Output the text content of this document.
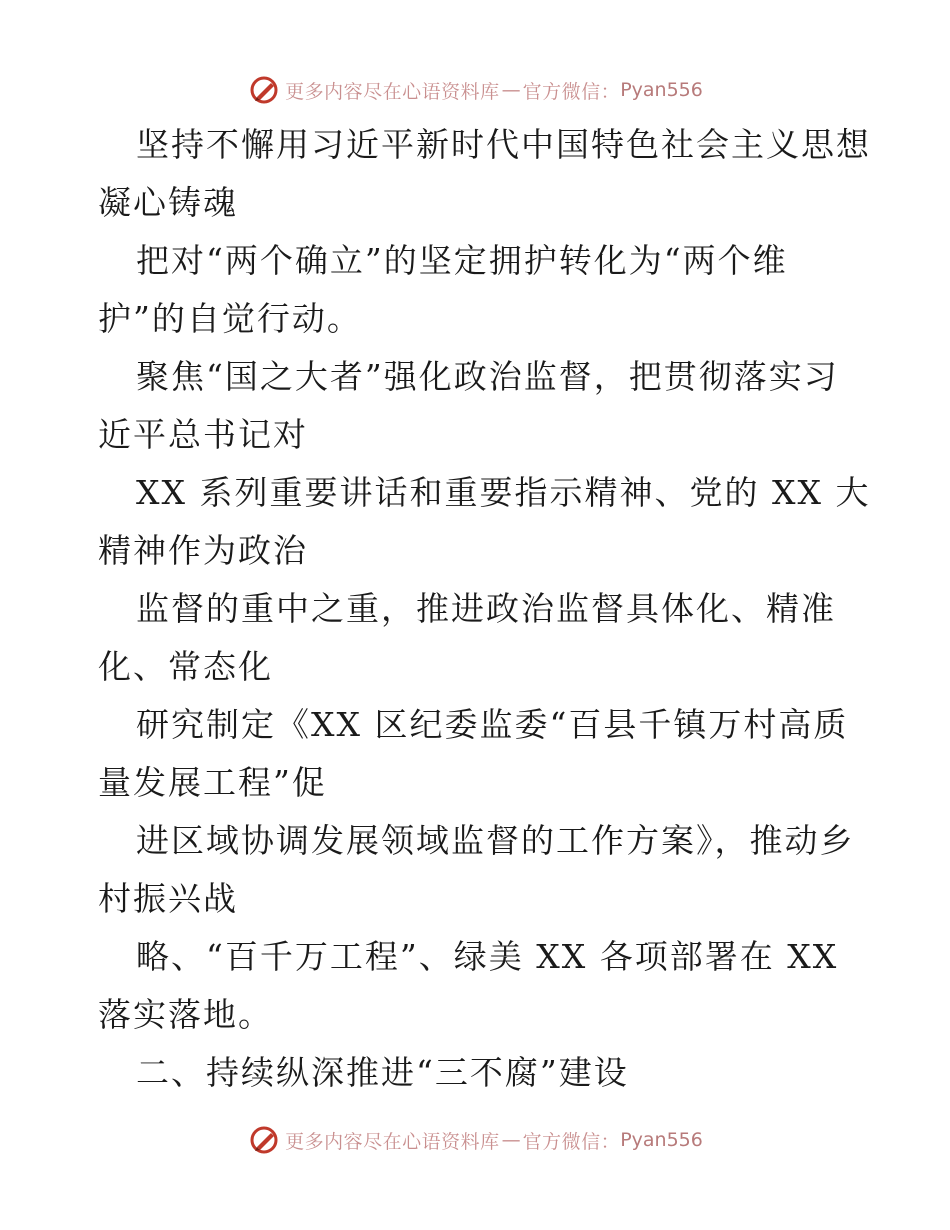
更多内容尽在心语资料库 — 官方微信： Pyan556
坚持不懈用习近平新时代中国特色社会主义思想
凝心铸魂
把对“两个确立”的坚定拥护转化为“两个维
护”的自觉行动。
聚焦“国之大者”强化政治监督，把贯彻落实习
近平总书记对
XX 系列重要讲话和重要指示精神、党的 XX 大
精神作为政治
监督的重中之重，推进政治监督具体化、精准
化、常态化
研究制定《XX 区纪委监委“百县千镇万村高质
量发展工程”促
进区域协调发展领域监督的工作方案》，推动乡
村振兴战
略、“百千万工程”、绿美 XX 各项部署在 XX
落实落地。
二、持续纵深推进“三不腐”建设
更多内容尽在心语资料库 — 官方微信： Pyan556
